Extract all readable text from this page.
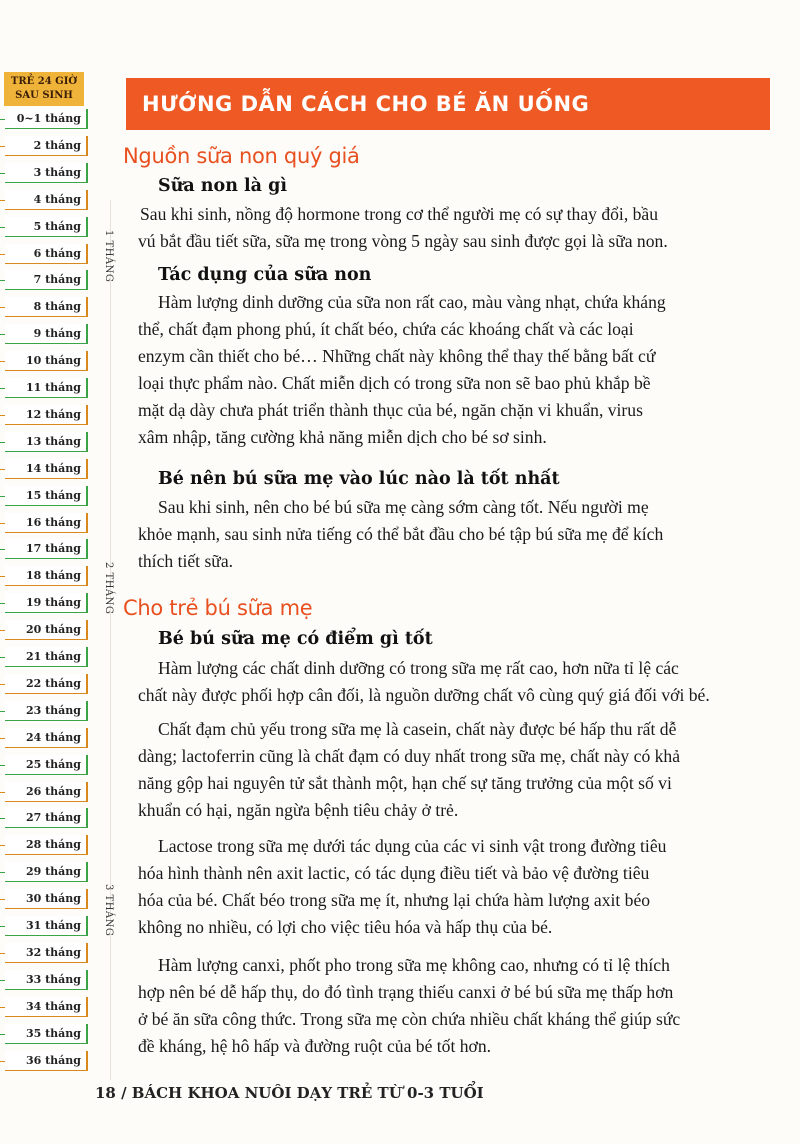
TRẺ 24 GIỜ
SAU SINH
0~1 tháng
2 tháng
3 tháng
4 tháng
5 tháng
6 tháng
7 tháng
8 tháng
9 tháng
10 tháng
11 tháng
12 tháng
13 tháng
14 tháng
15 tháng
16 tháng
17 tháng
18 tháng
19 tháng
20 tháng
21 tháng
22 tháng
23 tháng
24 tháng
25 tháng
26 tháng
27 tháng
28 tháng
29 tháng
30 tháng
31 tháng
32 tháng
33 tháng
34 tháng
35 tháng
36 tháng
1 THÁNG
2 THÁNG
3 THÁNG
HƯỚNG DẪN CÁCH CHO BÉ ĂN UỐNG
Nguồn sữa non quý giá
Sữa non là gì
Sau khi sinh, nồng độ hormone trong cơ thể người mẹ có sự thay đổi, bầu
vú bắt đầu tiết sữa, sữa mẹ trong vòng 5 ngày sau sinh được gọi là sữa non.
Tác dụng của sữa non
Hàm lượng dinh dưỡng của sữa non rất cao, màu vàng nhạt, chứa kháng
thể, chất đạm phong phú, ít chất béo, chứa các khoáng chất và các loại
enzym cần thiết cho bé… Những chất này không thể thay thế bằng bất cứ
loại thực phẩm nào. Chất miễn dịch có trong sữa non sẽ bao phủ khắp bề
mặt dạ dày chưa phát triển thành thục của bé, ngăn chặn vi khuẩn, virus
xâm nhập, tăng cường khả năng miễn dịch cho bé sơ sinh.
Bé nên bú sữa mẹ vào lúc nào là tốt nhất
Sau khi sinh, nên cho bé bú sữa mẹ càng sớm càng tốt. Nếu người mẹ
khỏe mạnh, sau sinh nửa tiếng có thể bắt đầu cho bé tập bú sữa mẹ để kích
thích tiết sữa.
Cho trẻ bú sữa mẹ
Bé bú sữa mẹ có điểm gì tốt
Hàm lượng các chất dinh dưỡng có trong sữa mẹ rất cao, hơn nữa tỉ lệ các
chất này được phối hợp cân đối, là nguồn dưỡng chất vô cùng quý giá đối với bé.
Chất đạm chủ yếu trong sữa mẹ là casein, chất này được bé hấp thu rất dễ
dàng; lactoferrin cũng là chất đạm có duy nhất trong sữa mẹ, chất này có khả
năng gộp hai nguyên tử sắt thành một, hạn chế sự tăng trưởng của một số vi
khuẩn có hại, ngăn ngừa bệnh tiêu chảy ở trẻ.
Lactose trong sữa mẹ dưới tác dụng của các vi sinh vật trong đường tiêu
hóa hình thành nên axit lactic, có tác dụng điều tiết và bảo vệ đường tiêu
hóa của bé. Chất béo trong sữa mẹ ít, nhưng lại chứa hàm lượng axit béo
không no nhiều, có lợi cho việc tiêu hóa và hấp thụ của bé.
Hàm lượng canxi, phốt pho trong sữa mẹ không cao, nhưng có tỉ lệ thích
hợp nên bé dễ hấp thụ, do đó tình trạng thiếu canxi ở bé bú sữa mẹ thấp hơn
ở bé ăn sữa công thức. Trong sữa mẹ còn chứa nhiều chất kháng thể giúp sức
đề kháng, hệ hô hấp và đường ruột của bé tốt hơn.
18 / BÁCH KHOA NUÔI DẠY TRẺ TỪ 0-3 TUỔI
